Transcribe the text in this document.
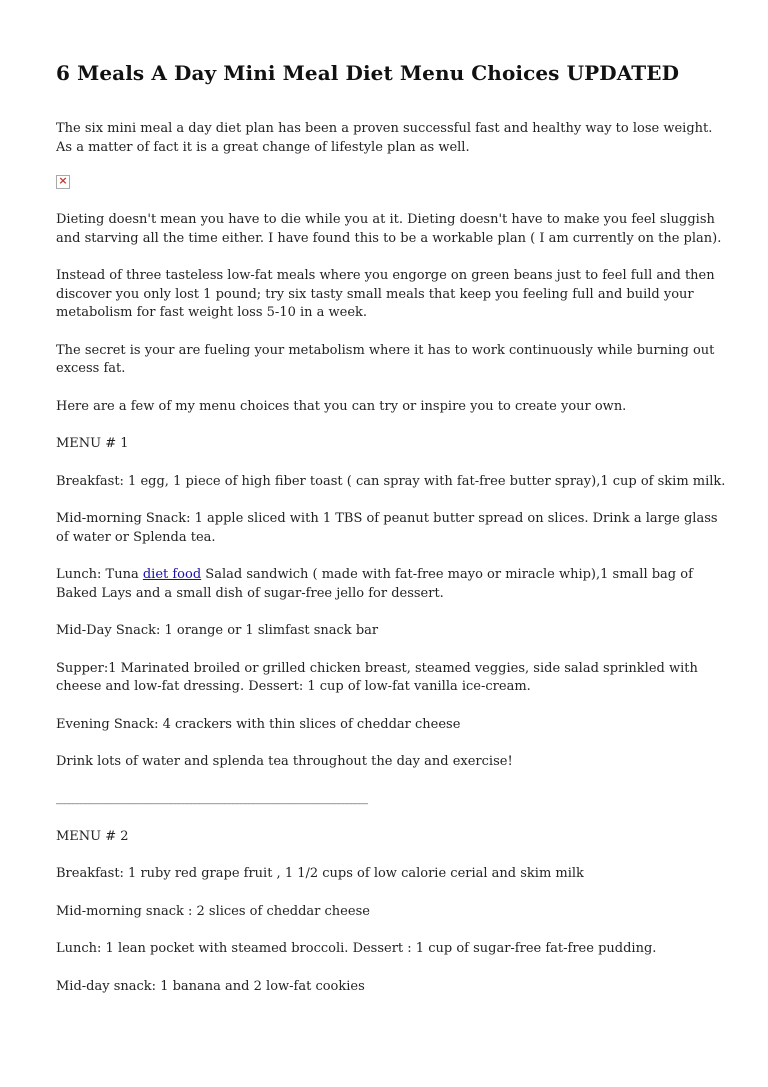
6 Meals A Day Mini Meal Diet Menu Choices UPDATED

The six mini meal a day diet plan has been a proven successful fast and healthy way to lose weight. As a matter of fact it is a great change of lifestyle plan as well.

×

Dieting doesn't mean you have to die while you at it. Dieting doesn't have to make you feel sluggish and starving all the time either. I have found this to be a workable plan ( I am currently on the plan).

Instead of three tasteless low-fat meals where you engorge on green beans just to feel full and then discover you only lost 1 pound; try six tasty small meals that keep you feeling full and build your metabolism for fast weight loss 5-10 in a week.

The secret is your are fueling your metabolism where it has to work continuously while burning out excess fat.

Here are a few of my menu choices that you can try or inspire you to create your own.

MENU # 1

Breakfast: 1 egg, 1 piece of high fiber toast ( can spray with fat-free butter spray),1 cup of skim milk.

Mid-morning Snack: 1 apple sliced with 1 TBS of peanut butter spread on slices. Drink a large glass of water or Splenda tea.

Lunch: Tuna diet food Salad sandwich ( made with fat-free mayo or miracle whip),1 small bag of Baked Lays and a small dish of sugar-free jello for dessert.

Mid-Day Snack: 1 orange or 1 slimfast snack bar

Supper:1 Marinated broiled or grilled chicken breast, steamed veggies, side salad sprinkled with cheese and low-fat dressing. Dessert: 1 cup of low-fat vanilla ice-cream.

Evening Snack: 4 crackers with thin slices of cheddar cheese

Drink lots of water and splenda tea throughout the day and exercise!

____________________________________________________________________________

MENU # 2

Breakfast: 1 ruby red grape fruit , 1 1/2 cups of low calorie cerial and skim milk

Mid-morning snack : 2 slices of cheddar cheese

Lunch: 1 lean pocket with steamed broccoli. Dessert : 1 cup of sugar-free fat-free pudding.

Mid-day snack: 1 banana and 2 low-fat cookies
